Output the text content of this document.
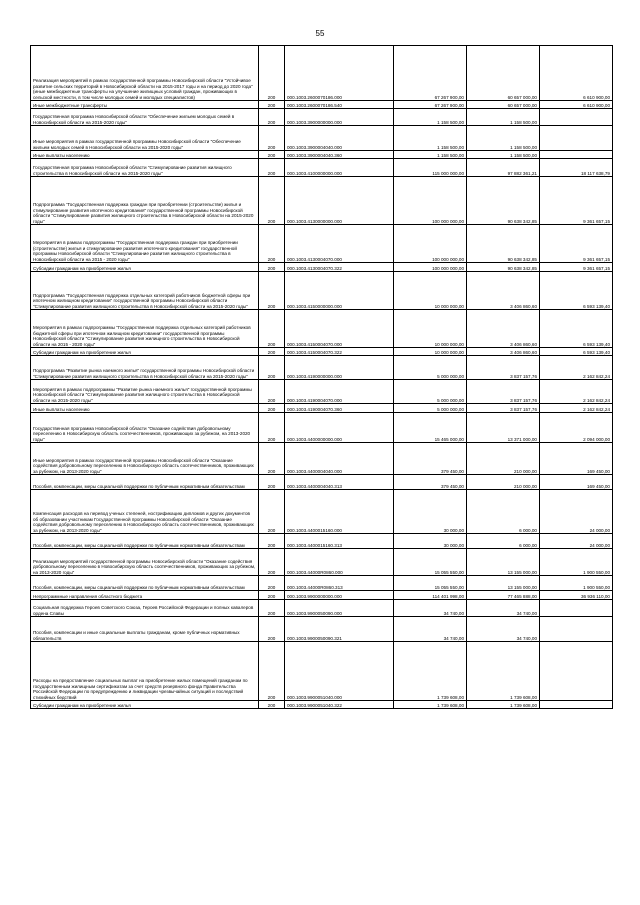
55
Реализация мероприятий в рамках государственной программы Новосибирской области "Устойчивое развитие сельских территорий в Новосибирской области на 2015-2017 годы и на период до 2020 года" (иные межбюджетные трансферты на улучшение жилищных условий граждан, проживающих в сельской местности, в том числе молодых семей и молодых специалистов)	200	000.1003.2600070186.000	67 267 900,00	60 657 000,00	6 610 900,00
Иные межбюджетные трансферты	200	000.1003.2600070186.540	67 267 900,00	60 657 000,00	6 610 900,00
Государственная программа Новосибирской области "Обеспечение жильем молодых семей в Новосибирской области на 2015-2020 годы"	200	000.1003.3900000000.000	1 158 500,00	1 158 500,00	
Иные мероприятия в рамках государственной программы Новосибирской области "Обеспечение жильем молодых семей в Новосибирской области на 2015-2020 годы"	200	000.1003.3900004040.000	1 158 500,00	1 158 500,00	
Иные выплаты населению	200	000.1003.3900004040.360	1 158 500,00	1 158 500,00	
Государственная программа Новосибирской области "Стимулирование развития жилищного строительства в Новосибирской области на 2015-2020 годы"	200	000.1003.4100000000.000	115 000 000,00	97 882 361,21	18 117 638,79
Подпрограмма "Государственная поддержка граждан при приобретении (строительстве) жилья и стимулирование развития ипотечного кредитования" государственной программы Новосибирской области "Стимулирование развития жилищного строительства в Новосибирской области на 2015-2020 годы"	200	000.1003.4130000000.000	100 000 000,00	90 638 342,85	9 361 657,15
Мероприятия в рамках подпрограммы "Государственная поддержка граждан при приобретении (строительстве) жилья и стимулирование развития ипотечного кредитования" государственной программы Новосибирской области "Стимулирование развития жилищного строительства в Новосибирской области на 2015 - 2020 годы"	200	000.1003.4130004070.000	100 000 000,00	90 638 342,85	9 361 657,15
Субсидии гражданам на приобретение жилья	200	000.1003.4130004070.322	100 000 000,00	90 638 342,85	9 361 657,15
Подпрограмма "Государственная поддержка отдельных категорий работников бюджетной сферы при ипотечном жилищном кредитовании" государственной программы Новосибирской области "Стимулирование развития жилищного строительства в Новосибирской области на 2015-2020 годы"	200	000.1003.4150000000.000	10 000 000,00	3 406 860,60	6 593 139,40
Мероприятия в рамках подпрограммы "Государственная поддержка отдельных категорий работников бюджетной сферы при ипотечном жилищном кредитовании" государственной программы Новосибирской области "Стимулирование развития жилищного строительства в Новосибирской области на 2015 - 2020 годы"	200	000.1003.4150004070.000	10 000 000,00	3 406 860,60	6 593 139,40
Субсидии гражданам на приобретение жилья	200	000.1003.4150004070.322	10 000 000,00	3 406 860,60	6 593 139,40
Подпрограмма "Развитие рынка наемного жилья" государственной программы Новосибирской области "Стимулирование развития жилищного строительства в Новосибирской области на 2015-2020 годы"	200	000.1003.4190000000.000	5 000 000,00	3 837 157,76	2 162 842,24
Мероприятия в рамках подпрограммы "Развитие рынка наемного жилья" государственной программы Новосибирской области "Стимулирование развития жилищного строительства в Новосибирской области на 2015-2020 годы"	200	000.1003.4190004070.000	5 000 000,00	3 837 157,76	2 162 842,24
Иные выплаты населению	200	000.1003.4190004070.360	5 000 000,00	3 837 157,76	2 162 842,24
Государственная программа Новосибирской области "Оказание содействия добровольному переселению в Новосибирскую область соотечественников, проживающих за рубежом, на 2013-2020 годы"	200	000.1003.4400000000.000	15 465 000,00	13 371 000,00	2 094 000,00
Иные мероприятия в рамках государственной программы Новосибирской области "Оказание содействия добровольному переселению в Новосибирскую область соотечественников, проживающих за рубежом, на 2013-2020 годы"	200	000.1003.4400004040.000	379 450,00	210 000,00	169 450,00
Пособия, компенсации, меры социальной поддержки по публичным нормативным обязательствам	200	000.1003.4400004040.313	379 450,00	210 000,00	169 450,00
Компенсация расходов на перевод ученых степеней, нострификацию дипломов и других документов об образовании участникам Государственной программы Новосибирской области "Оказание содействия добровольному переселению в Новосибирскую область соотечественников, проживающих за рубежом, на 2013-2020 годы"	200	000.1003.4400015160.000	30 000,00	6 000,00	24 000,00
Пособия, компенсации, меры социальной поддержки по публичным нормативным обязательствам	200	000.1003.4400015160.313	30 000,00	6 000,00	24 000,00
Реализация мероприятий государственной программы Новосибирской области "Оказание содействия добровольному переселению в Новосибирскую область соотечественников, проживающих за рубежом, на 2013-2020 годы"	200	000.1003.44000R0860.000	15 055 550,00	13 155 000,00	1 900 550,00
Пособия, компенсации, меры социальной поддержки по публичным нормативным обязательствам	200	000.1003.44000R0860.313	15 055 550,00	13 155 000,00	1 900 550,00
Непрограммные направления областного бюджета	200	000.1003.9900000000.000	114 401 998,00	77 465 888,00	36 936 110,00
Социальная поддержка Героев Советского Союза, Героев Российской Федерации и полных кавалеров ордена Славы	200	000.1003.9900050090.000	34 740,00	34 740,00	
Пособия, компенсации и иные социальные выплаты гражданам, кроме публичных нормативных обязательств	200	000.1003.9900050090.321	34 740,00	34 740,00	
Расходы на предоставление социальных выплат на приобретение жилых помещений гражданам по государственным жилищным сертификатам за счет средств резервного фонда Правительства Российской Федерации по предупреждению и ликвидации чрезвычайных ситуаций и последствий стихийных бедствий	200	000.1003.9900051040.000	1 739 608,00	1 739 608,00	
Субсидии гражданам на приобретение жилья	200	000.1003.9900051040.322	1 739 608,00	1 739 608,00	
